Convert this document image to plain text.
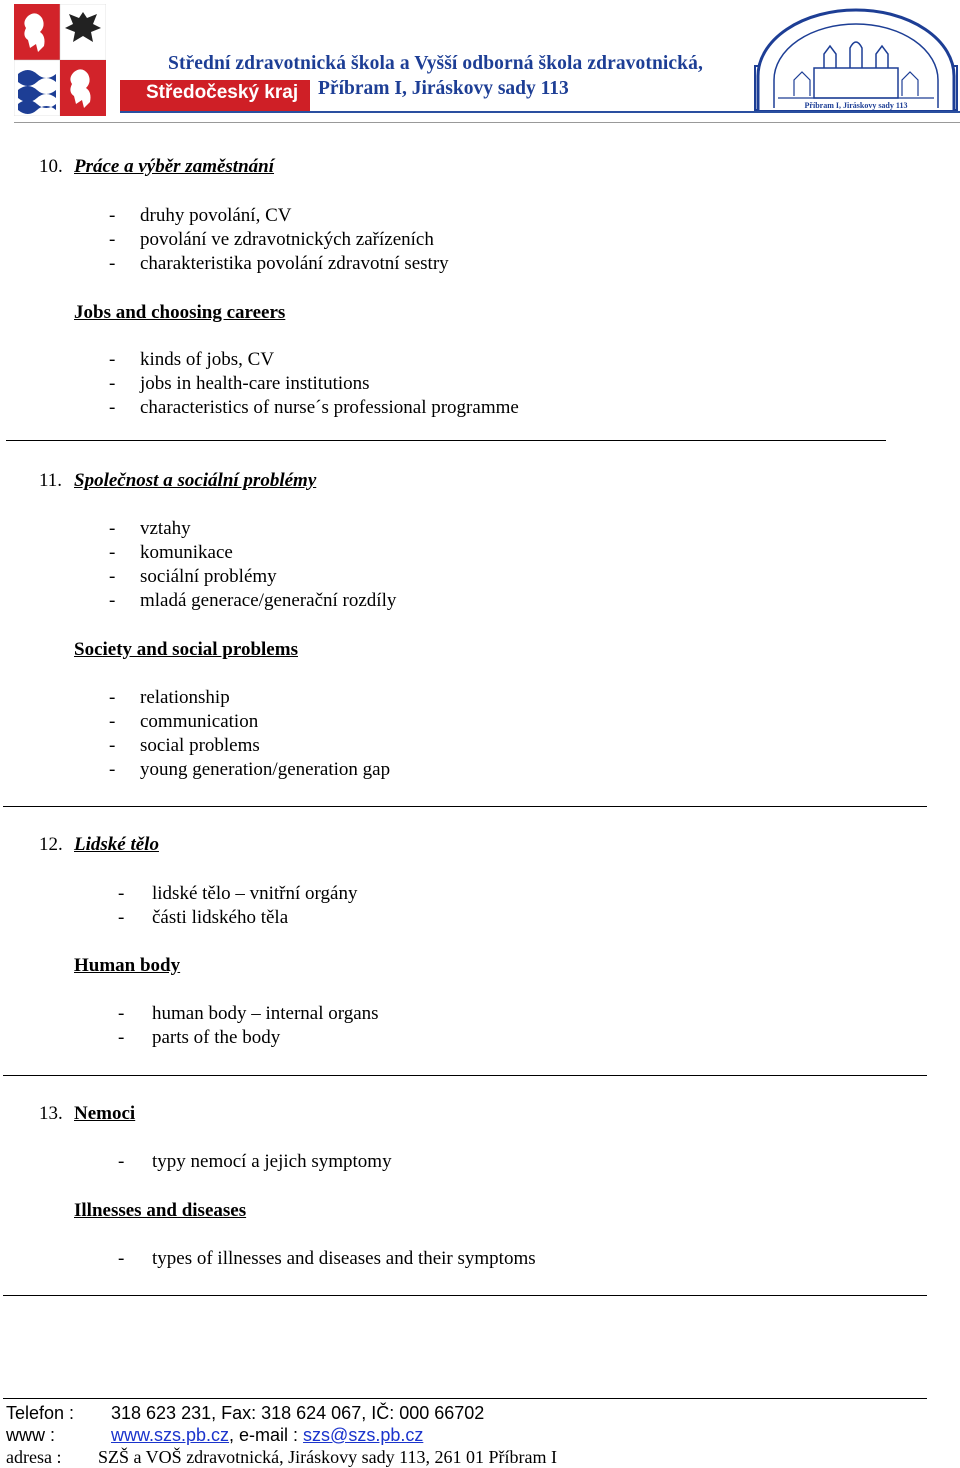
Středočeský kraj
Střední zdravotnická škola a Vyšší odborná škola zdravotnická,
Příbram I, Jiráskovy sady 113
Příbram I, Jiráskovy sady 113
10. Práce a výběr zaměstnání
-	druhy povolání, CV
-	povolání ve zdravotnických zařízeních
-	charakteristika povolání zdravotní sestry
Jobs and choosing careers
-	kinds of jobs, CV
-	jobs in health-care institutions
-	characteristics of nurse´s professional programme
11. Společnost a sociální problémy
-	vztahy
-	komunikace
-	sociální problémy
-	mladá generace/generační rozdíly
Society and social problems
-	relationship
-	communication
-	social problems
-	young generation/generation gap
12. Lidské tělo
-	lidské tělo – vnitřní orgány
-	části lidského těla
Human body
-	human body – internal organs
-	parts of the body
13. Nemoci
-	typy nemocí a jejich symptomy
Illnesses and diseases
-	types of illnesses and diseases and their symptoms
Telefon : 318 623 231, Fax: 318 624 067, IČ: 000 66702
www :	www.szs.pb.cz, e-mail : szs@szs.pb.cz
adresa : SZŠ a VOŠ zdravotnická, Jiráskovy sady 113, 261 01 Příbram I
